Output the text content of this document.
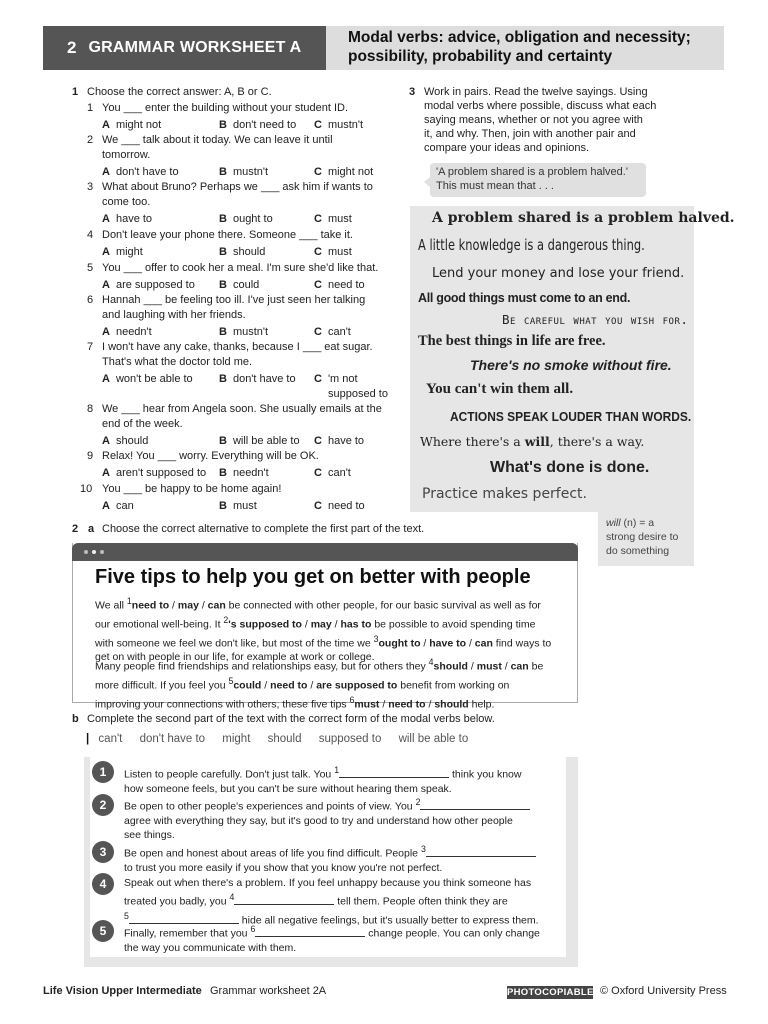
2 GRAMMAR WORKSHEET A
Modal verbs: advice, obligation and necessity;
possibility, probability and certainty
1 Choose the correct answer: A, B or C.
1 You ___ enter the building without your student ID.
A might not	B don't need to C mustn't
2 We ___ talk about it today. We can leave it until
tomorrow.
A don't have to	B mustn't	C might not
3 What about Bruno? Perhaps we ___ ask him if wants to
come too.
A have to	B ought to	C must
4 Don't leave your phone there. Someone ___ take it.
A might	B should	C must
5 You ___ offer to cook her a meal. I'm sure she'd like that.
A are supposed to B could	C need to
6 Hannah ___ be feeling too ill. I've just seen her talking
and laughing with her friends.
A needn't	B mustn't	C can't
7 I won't have any cake, thanks, because I ___ eat sugar.
That's what the doctor told me.
A won't be able to B don't have to C 'm not
supposed to
8 We ___ hear from Angela soon. She usually emails at the
end of the week.
A should	B will be able to C have to
9 Relax! You ___ worry. Everything will be OK.
A aren't supposed to B needn't	C can't
10 You ___ be happy to be home again!
A can	B must	C need to
3 Work in pairs. Read the twelve sayings. Using
modal verbs where possible, discuss what each
saying means, whether or not you agree with
it, and why. Then, join with another pair and
compare your ideas and opinions.
'A problem shared is a problem halved.'
This must mean that . . .
A problem shared is a problem halved.
A little knowledge is a dangerous thing.
Lend your money and lose your friend.
All good things must come to an end.
Be careful what you wish for.
The best things in life are free.
There's no smoke without fire.
You can't win them all.
ACTIONS SPEAK LOUDER THAN WORDS.
Where there's a will, there's a way.
What's done is done.
Practice makes perfect.
will (n) = a
strong desire to
do something
2 a Choose the correct alternative to complete the first part of the text.
Five tips to help you get on better with people
We all $^1$need to / may / can be connected with other people, for our basic survival as well as for our emotional well-being. It $^2$'s supposed to / may / has to be possible to avoid spending time with someone we feel we don't like, but most of the time we $^3$ought to / have to / can find ways to get on with people in our life, for example at work or college.
Many people find friendships and relationships easy, but for others they $^4$should / must / can be more difficult. If you feel you $^5$could / need to / are supposed to benefit from working on improving your connections with others, these five tips $^6$must / need to / should help.
b Complete the second part of the text with the correct form of the modal verbs below.
| can't don't have to might should supposed to will be able to
1	Listen to people carefully. Don't just talk. You $^1$	think you know
how someone feels, but you can't be sure without hearing them speak.
2	Be open to other people's experiences and points of view. You $^2$
agree with everything they say, but it's good to try and understand how other people
see things.
3	Be open and honest about areas of life you find difficult. People $^3$
to trust you more easily if you show that you know you're not perfect.
4	Speak out when there's a problem. If you feel unhappy because you think someone has
treated you badly, you $^4$	tell them. People often think they are
$^5$	hide all negative feelings, but it's usually better to express them.
5	Finally, remember that you $^6$	change people. You can only change
the way you communicate with them.
Life Vision Upper Intermediate Grammar worksheet 2A	PHOTOCOPIABLE © Oxford University Press
